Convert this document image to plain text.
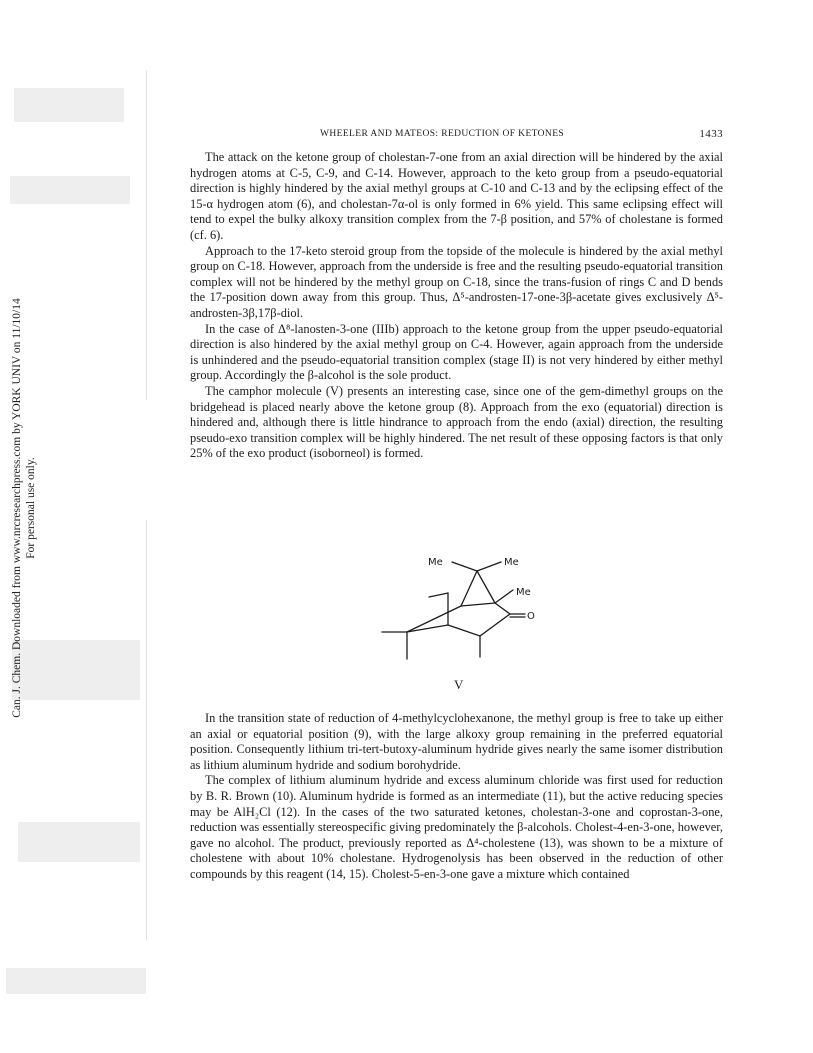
Can. J. Chem. Downloaded from www.nrcresearchpress.com by YORK UNIV on 11/10/14 For personal use only.
WHEELER AND MATEOS: REDUCTION OF KETONES	1433

The attack on the ketone group of cholestan-7-one from an axial direction will be hindered by the axial hydrogen atoms at C-5, C-9, and C-14. However, approach to the keto group from a pseudo-equatorial direction is highly hindered by the axial methyl groups at C-10 and C-13 and by the eclipsing effect of the 15-α hydrogen atom (6), and cholestan-7α-ol is only formed in 6% yield. This same eclipsing effect will tend to expel the bulky alkoxy transition complex from the 7-β position, and 57% of cholestane is formed (cf. 6).

Approach to the 17-keto steroid group from the topside of the molecule is hindered by the axial methyl group on C-18. However, approach from the underside is free and the resulting pseudo-equatorial transition complex will not be hindered by the methyl group on C-18, since the trans-fusion of rings C and D bends the 17-position down away from this group. Thus, Δ⁵-androsten-17-one-3β-acetate gives exclusively Δ⁵-androsten-3β,17β-diol.

In the case of Δ⁸-lanosten-3-one (IIIb) approach to the ketone group from the upper pseudo-equatorial direction is also hindered by the axial methyl group on C-4. However, again approach from the underside is unhindered and the pseudo-equatorial transition complex (stage II) is not very hindered by either methyl group. Accordingly the β-alcohol is the sole product.

The camphor molecule (V) presents an interesting case, since one of the gem-dimethyl groups on the bridgehead is placed nearly above the ketone group (8). Approach from the exo (equatorial) direction is hindered and, although there is little hindrance to approach from the endo (axial) direction, the resulting pseudo-exo transition complex will be highly hindered. The net result of these opposing factors is that only 25% of the exo product (isoborneol) is formed.

Me	Me
Me
O
V

In the transition state of reduction of 4-methylcyclohexanone, the methyl group is free to take up either an axial or equatorial position (9), with the large alkoxy group remaining in the preferred equatorial position. Consequently lithium tri-tert-butoxy-aluminum hydride gives nearly the same isomer distribution as lithium aluminum hydride and sodium borohydride.

The complex of lithium aluminum hydride and excess aluminum chloride was first used for reduction by B. R. Brown (10). Aluminum hydride is formed as an intermediate (11), but the active reducing species may be AlH₂Cl (12). In the cases of the two saturated ketones, cholestan-3-one and coprostan-3-one, reduction was essentially stereospecific giving predominately the β-alcohols. Cholest-4-en-3-one, however, gave no alcohol. The product, previously reported as Δ⁴-cholestene (13), was shown to be a mixture of cholestene with about 10% cholestane. Hydrogenolysis has been observed in the reduction of other compounds by this reagent (14, 15). Cholest-5-en-3-one gave a mixture which contained
